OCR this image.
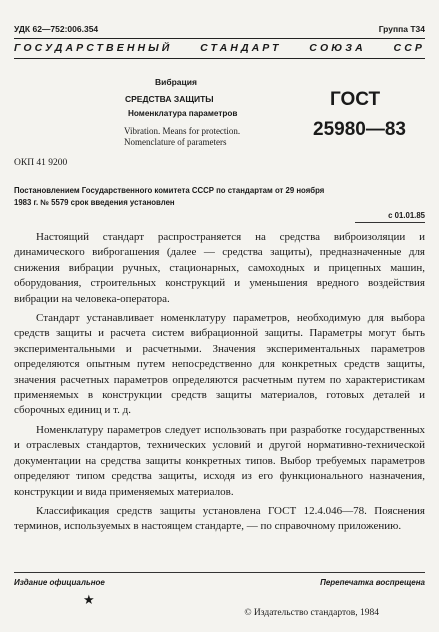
УДК 62—752:006.354	Группа Т34
ГОСУДАРСТВЕННЫЙ СТАНДАРТ СОЮЗА ССР
Вибрация
СРЕДСТВА ЗАЩИТЫ
Номенклатура параметров
Vibration. Means for protection.
Nomenclature of parameters
ГОСТ
25980—83
ОКП 41 9200
Постановлением Государственного комитета СССР по стандартам от 29 ноября
1983 г. № 5579 срок введения установлен
с 01.01.85

Настоящий стандарт распространяется на средства виброизоляции и динамического виброгашения (далее — средства защиты), предназначенные для снижения вибрации ручных, стационарных, самоходных и прицепных машин, оборудования, строительных конструкций и уменьшения вредного воздействия вибрации на человека-оператора.

Стандарт устанавливает номенклатуру параметров, необходимую для выбора средств защиты и расчета систем вибрационной защиты. Параметры могут быть экспериментальными и расчетными. Значения экспериментальных параметров определяются опытным путем непосредственно для конкретных средств защиты, значения расчетных параметров определяются расчетным путем по характеристикам применяемых в конструкции средств защиты материалов, готовых деталей и сборочных единиц и т. д.

Номенклатуру параметров следует использовать при разработке государственных и отраслевых стандартов, технических условий и другой нормативно-технической документации на средства защиты конкретных типов. Выбор требуемых параметров определяют типом средства защиты, исходя из его функционального назначения, конструкции и вида применяемых материалов.

Классификация средств защиты установлена ГОСТ 12.4.046—78. Пояснения терминов, используемых в настоящем стандарте, — по справочному приложению.

Издание официальное	Перепечатка воспрещена
★
© Издательство стандартов, 1984
